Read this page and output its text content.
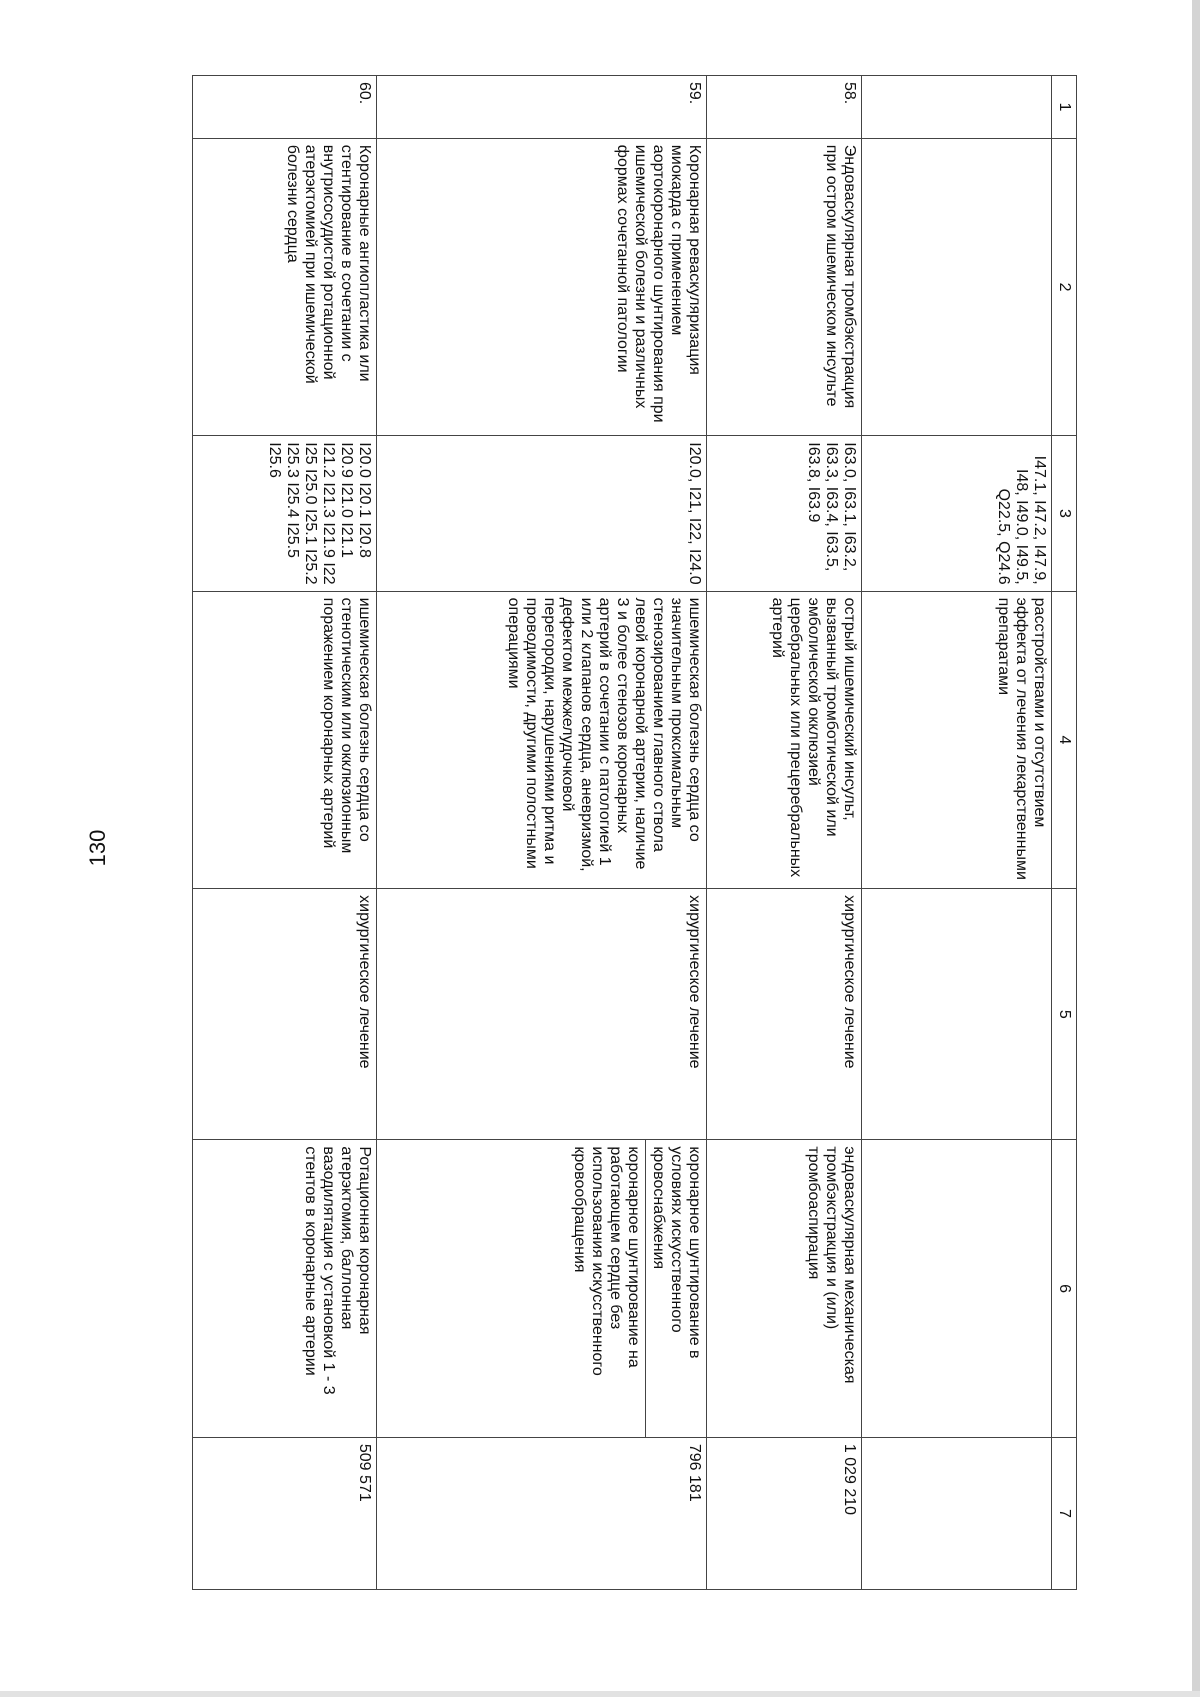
130
1	2	3	4	5	6	7
		I47.1, I47.2, I47.9, I48, I49.0, I49.5, Q22.5, Q24.6	расстройствами и отсутствием эффекта от лечения лекарственными препаратами			
58.	Эндоваскулярная тромбэкстракция при остром ишемическом инсульте	I63.0, I63.1, I63.2, I63.3, I63.4, I63.5, I63.8, I63.9	острый ишемический инсульт, вызванный тромботической или эмболической окклюзией церебральных или прецеребральных артерий	хирургическое лечение	эндоваскулярная механическая тромбэкстракция и (или) тромбоаспирация	1 029 210
59.	Коронарная реваскуляризация миокарда с применением аортокоронарного шунтирования при ишемической болезни и различных формах сочетанной патологии	I20.0, I21, I22, I24.0	ишемическая болезнь сердца со значительным проксимальным стенозированием главного ствола левой коронарной артерии, наличие 3 и более стенозов коронарных артерий в сочетании с патологией 1 или 2 клапанов сердца, аневризмой, дефектом межжелудочковой перегородки, нарушениями ритма и проводимости, другими полостными операциями	хирургическое лечение	коронарное шунтирование в условиях искусственного кровоснабжения
коронарное шунтирование на работающем сердце без использования искусственного кровообращения	796 181
60.	Коронарные ангиопластика или стентирование в сочетании с внутрисосудистой ротационной атерэктомией при ишемической болезни сердца	I20.0 I20.1 I20.8 I20.9 I21.0 I21.1 I21.2 I21.3 I21.9 I22 I25 I25.0 I25.1 I25.2 I25.3 I25.4 I25.5 I25.6	ишемическая болезнь сердца со стенотическим или окклюзионным поражением коронарных артерий	хирургическое лечение	Ротационная коронарная атерэктомия, баллонная вазодилятация с установкой 1 - 3 стентов в коронарные артерии	509 571
